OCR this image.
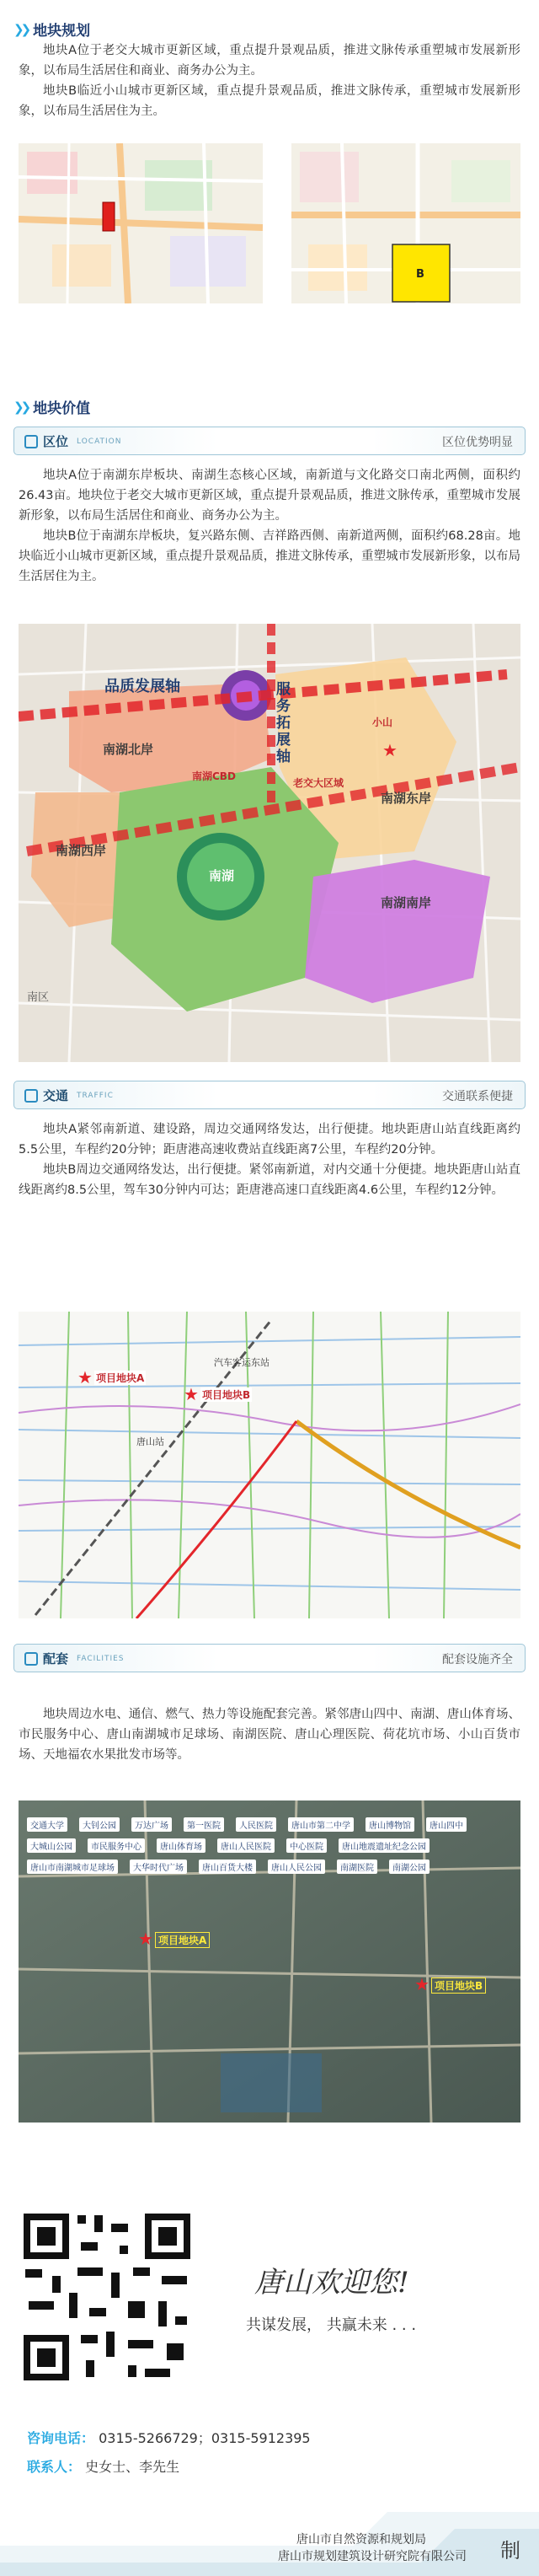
❯❯ 地块规划

地块A位于老交大城市更新区域，重点提升景观品质，推进文脉传承重塑城市发展新形象，以布局生活居住和商业、商务办公为主。

地块B临近小山城市更新区域，重点提升景观品质，推进文脉传承，重塑城市发展新形象，以布局生活居住为主。

B
❯❯ 地块价值
区位 LOCATION	区位优势明显

地块A位于南湖东岸板块、南湖生态核心区域，南新道与文化路交口南北两侧，面积约26.43亩。地块位于老交大城市更新区域，重点提升景观品质，推进文脉传承，重塑城市发展新形象，以布局生活居住和商业、商务办公为主。

地块B位于南湖东岸板块，复兴路东侧、吉祥路西侧、南新道两侧，面积约68.28亩。地块临近小山城市更新区域，重点提升景观品质，推进文脉传承，重塑城市发展新形象，以布局生活居住为主。

品质发展轴	服务拓展轴
南湖北岸
南湖CBD
★
小山
老交大区域
南湖东岸
南湖西岸
南湖
南湖南岸
南区
交通 TRAFFIC	交通联系便捷

地块A紧邻南新道、建设路，周边交通网络发达，出行便捷。地块距唐山站直线距离约5.5公里，车程约20分钟；距唐港高速收费站直线距离7公里，车程约20分钟。

地块B周边交通网络发达，出行便捷。紧邻南新道，对内交通十分便捷。地块距唐山站直线距离约8.5公里，驾车30分钟内可达；距唐港高速口直线距离4.6公里，车程约12分钟。

★ 项目地块A
★ 项目地块B
唐山站
汽车客运东站
配套 FACILITIES	配套设施齐全

地块周边水电、通信、燃气、热力等设施配套完善。紧邻唐山四中、南湖、唐山体育场、市民服务中心、唐山南湖城市足球场、南湖医院、唐山心理医院、荷花坑市场、小山百货市场、天地福农水果批发市场等。

★ 项目地块A
★ 项目地块B
交通大学	大钊公园	万达广场	第一医院	人民医院	唐山市第二中学	唐山博物馆	唐山四中
大城山公园	市民服务中心	唐山体育场	唐山人民医院	中心医院	唐山地震遗址纪念公园
唐山市南湖城市足球场	大华时代广场	唐山百货大楼	唐山人民公园	南湖医院	南湖公园
唐山欢迎您!
共谋发展， 共赢未来 . . .
咨询电话： 0315-5266729；0315-5912395
联系人： 史女士、李先生
唐山市自然资源和规划局
唐山市规划建筑设计研究院有限公司 制
